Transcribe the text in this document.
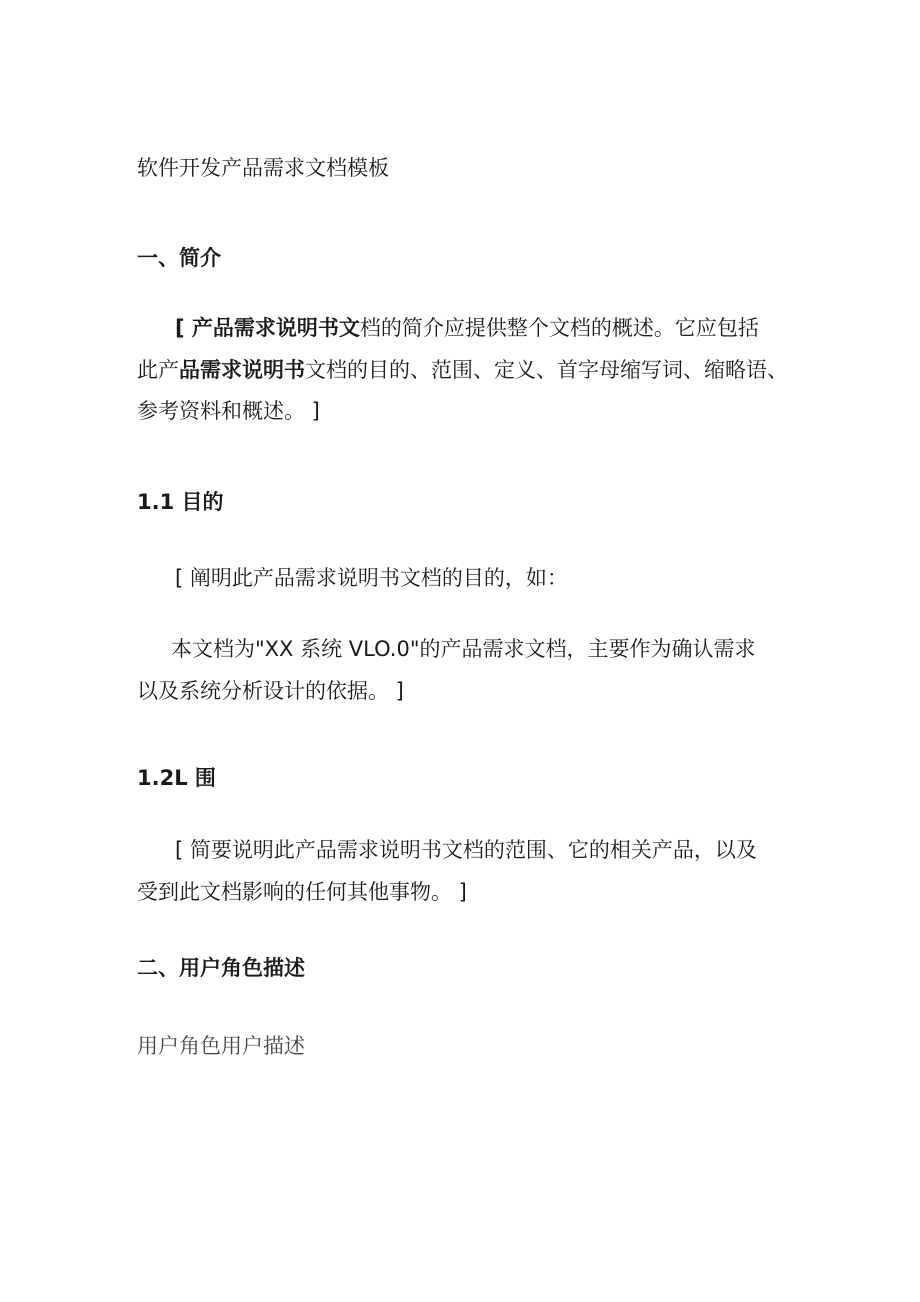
软件开发产品需求文档模板
一、简介
[ 产品需求说明书文档的简介应提供整个文档的概述。它应包括
此产品需求说明书文档的目的、范围、定义、首字母缩写词、缩略语、
参考资料和概述。 ]
1.1 目的
[ 阐明此产品需求说明书文档的目的，如：
本文档为"XX 系统 VLO.0"的产品需求文档，主要作为确认需求
以及系统分析设计的依据。 ]
1.2L 围
[ 简要说明此产品需求说明书文档的范围、它的相关产品，以及
受到此文档影响的任何其他事物。 ]
二、用户角色描述
用户角色用户描述
